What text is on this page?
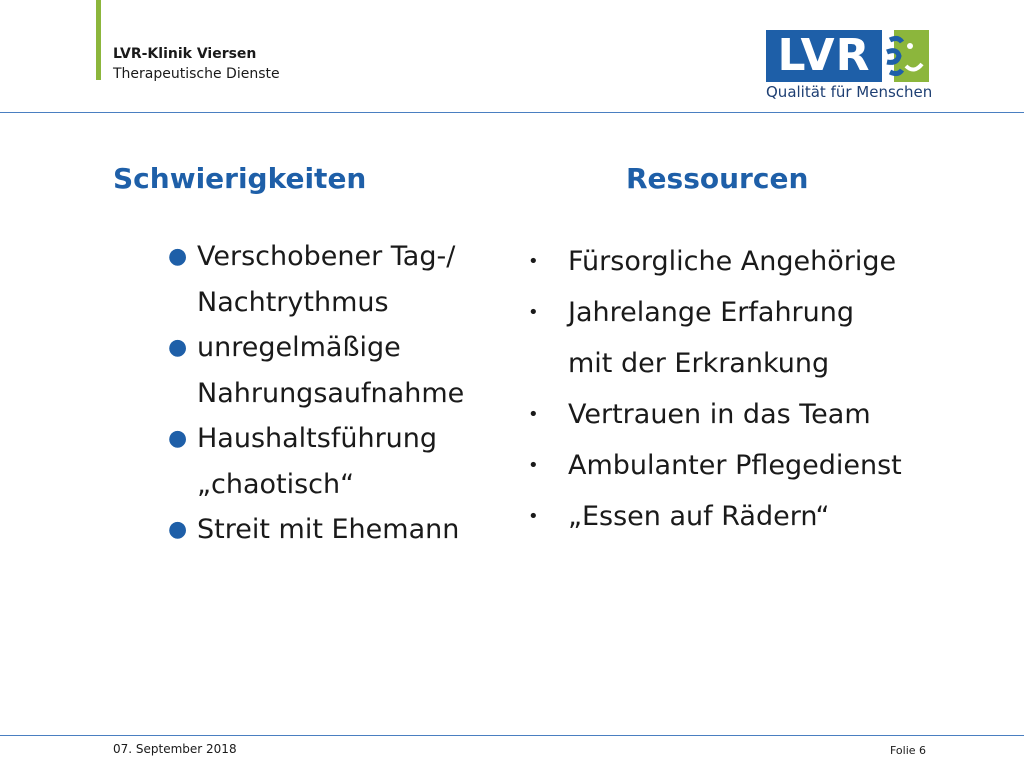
LVR-Klinik Viersen
Therapeutische Dienste	LVR
Qualität für Menschen
Schwierigkeiten	Ressourcen
● Verschobener Tag-/
Nachtrythmus
● unregelmäßige
Nahrungsaufnahme
● Haushaltsführung
„chaotisch“
● Streit mit Ehemann
• Fürsorgliche Angehörige
• Jahrelange Erfahrung
mit der Erkrankung
• Vertrauen in das Team
• Ambulanter Pflegedienst
• „Essen auf Rädern“
07. September 2018	Folie 6
